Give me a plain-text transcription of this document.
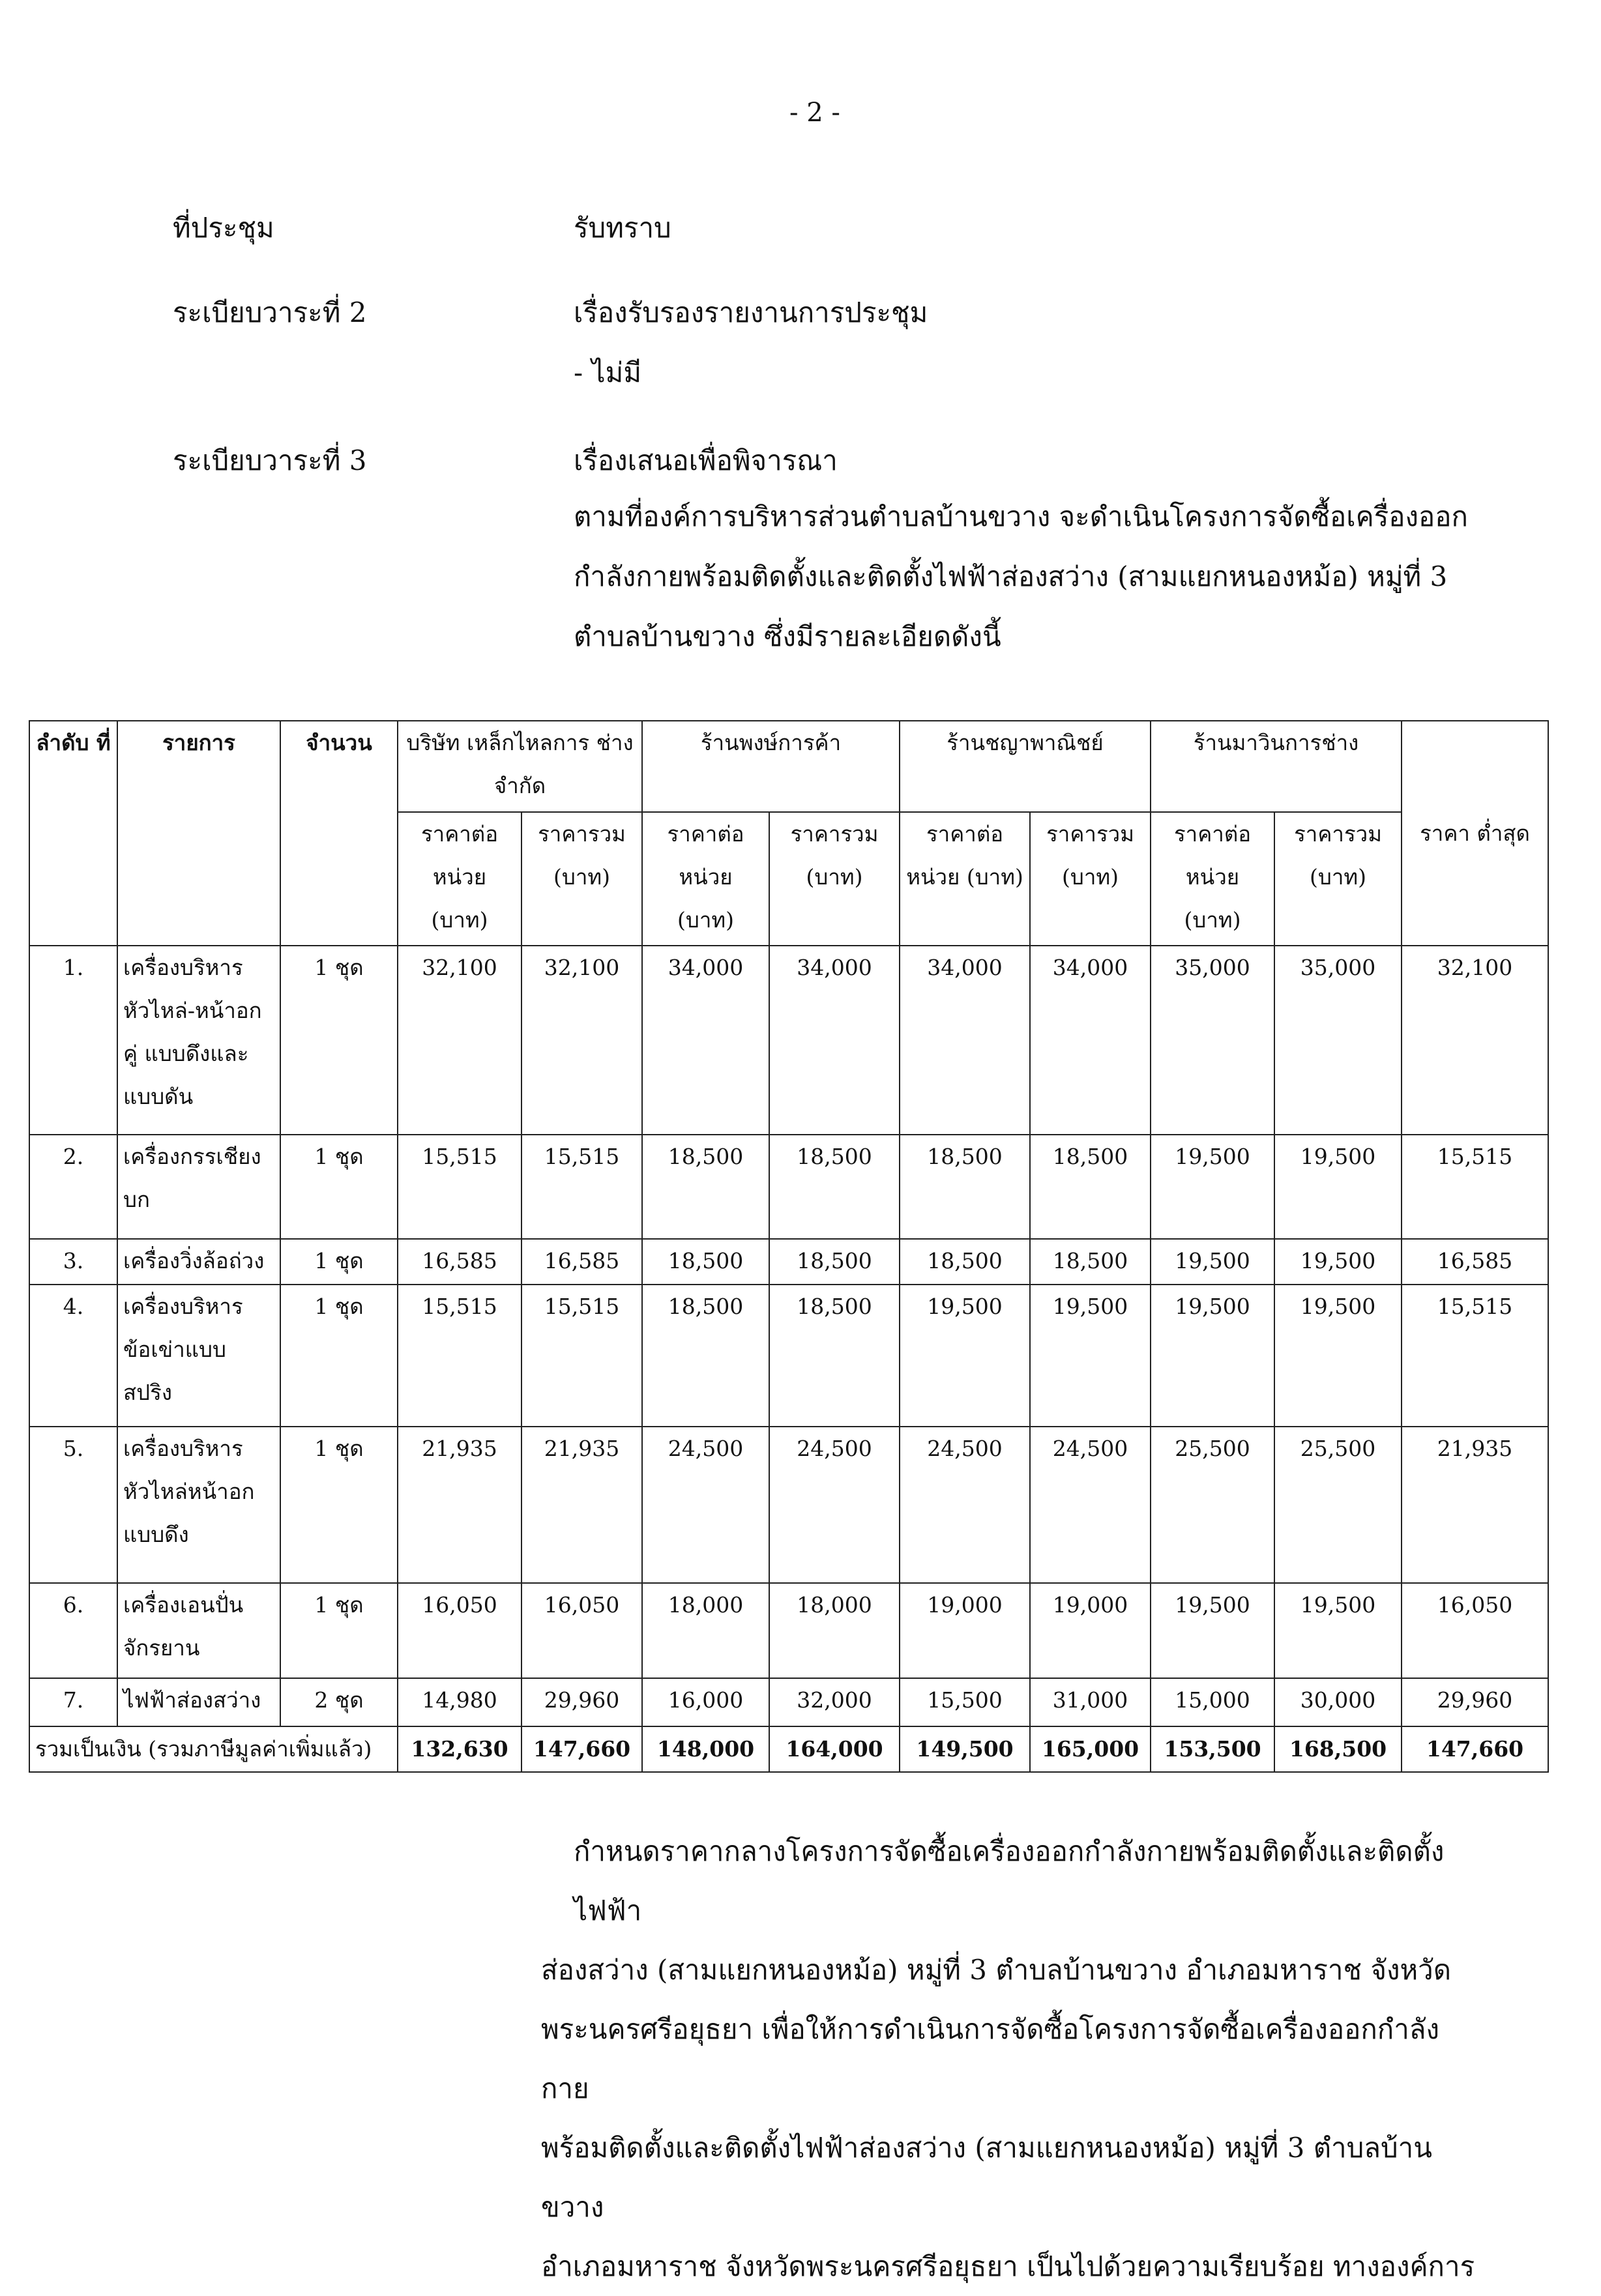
- 2 -
ที่ประชุม	รับทราบ
ระเบียบวาระที่ 2	เรื่องรับรองรายงานการประชุม
- ไม่มี
ระเบียบวาระที่ 3	เรื่องเสนอเพื่อพิจารณา
ตามที่องค์การบริหารส่วนตำบลบ้านขวาง จะดำเนินโครงการจัดซื้อเครื่องออก
กำลังกายพร้อมติดตั้งและติดตั้งไฟฟ้าส่องสว่าง (สามแยกหนองหม้อ) หมู่ที่ 3
ตำบลบ้านขวาง ซึ่งมีรายละเอียดดังนี้
ลำดับ ที่	รายการ	จำนวน	บริษัท เหล็กไหลการ ช่าง จำกัด		ร้านพงษ์การค้า		ร้านชญาพาณิชย์		ร้านมาวินการช่าง		ราคา ต่ำสุด
			ราคาต่อ หน่วย (บาท)	ราคารวม (บาท)	ราคาต่อ หน่วย (บาท)	ราคารวม (บาท)	ราคาต่อ หน่วย (บาท)	ราคารวม (บาท)	ราคาต่อ หน่วย (บาท)	ราคารวม (บาท)	
1.	เครื่องบริหาร หัวไหล่-หน้าอก คู่ แบบดึงและ แบบดัน	1 ชุด	32,100	32,100	34,000	34,000	34,000	34,000	35,000	35,000	32,100
2.	เครื่องกรรเชียง บก	1 ชุด	15,515	15,515	18,500	18,500	18,500	18,500	19,500	19,500	15,515
3.	เครื่องวิ่งล้อถ่วง	1 ชุด	16,585	16,585	18,500	18,500	18,500	18,500	19,500	19,500	16,585
4.	เครื่องบริหาร ข้อเข่าแบบ สปริง	1 ชุด	15,515	15,515	18,500	18,500	19,500	19,500	19,500	19,500	15,515
5.	เครื่องบริหาร หัวไหล่หน้าอก แบบดึง	1 ชุด	21,935	21,935	24,500	24,500	24,500	24,500	25,500	25,500	21,935
6.	เครื่องเอนปั่น จักรยาน	1 ชุด	16,050	16,050	18,000	18,000	19,000	19,000	19,500	19,500	16,050
7.	ไฟฟ้าส่องสว่าง	2 ชุด	14,980	29,960	16,000	32,000	15,500	31,000	15,000	30,000	29,960
รวมเป็นเงิน (รวมภาษีมูลค่าเพิ่มแล้ว)			132,630	147,660	148,000	164,000	149,500	165,000	153,500	168,500	147,660

กำหนดราคากลางโครงการจัดซื้อเครื่องออกกำลังกายพร้อมติดตั้งและติดตั้งไฟฟ้า

ส่องสว่าง (สามแยกหนองหม้อ) หมู่ที่ 3 ตำบลบ้านขวาง อำเภอมหาราช จังหวัด

พระนครศรีอยุธยา เพื่อให้การดำเนินการจัดซื้อโครงการจัดซื้อเครื่องออกกำลังกาย

พร้อมติดตั้งและติดตั้งไฟฟ้าส่องสว่าง (สามแยกหนองหม้อ) หมู่ที่ 3 ตำบลบ้านขวาง

อำเภอมหาราช จังหวัดพระนครศรีอยุธยา เป็นไปด้วยความเรียบร้อย ทางองค์การ
